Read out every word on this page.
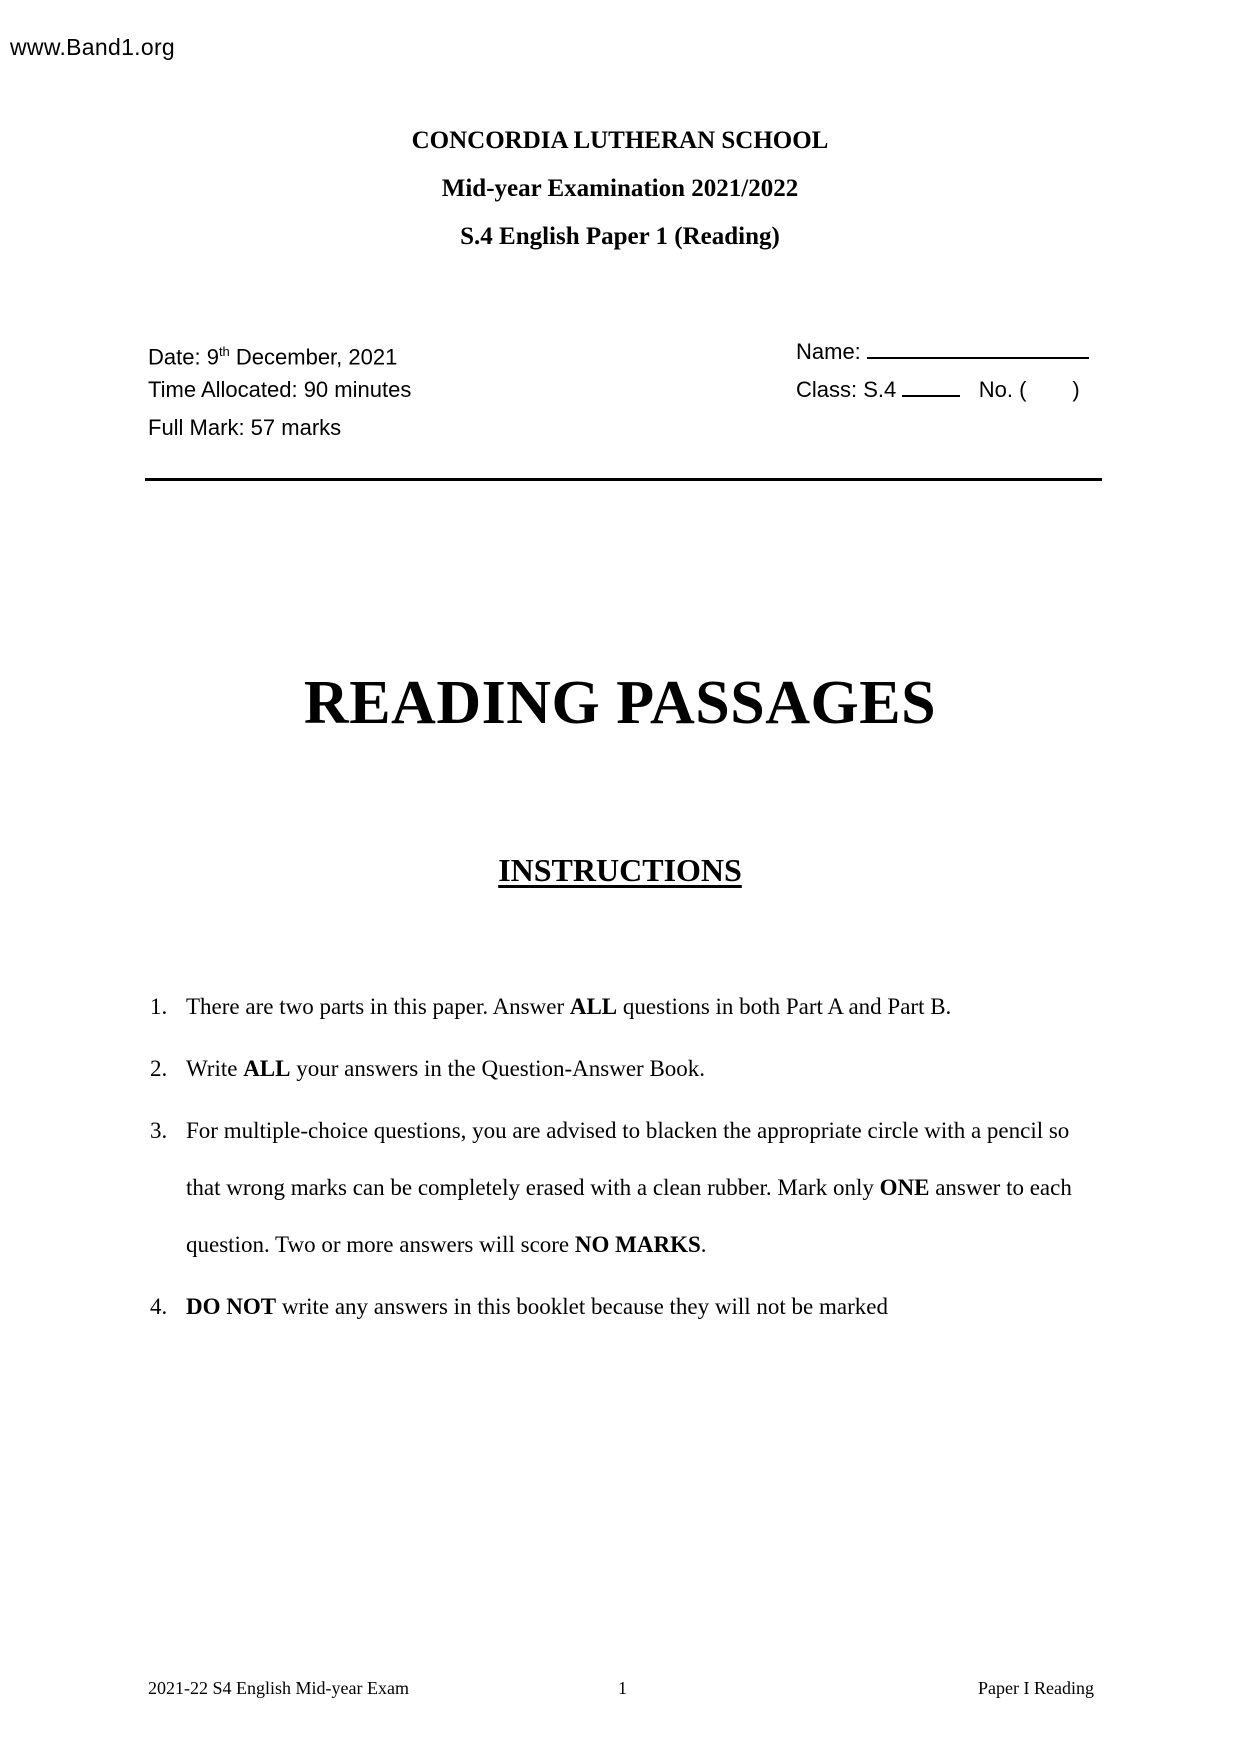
www.Band1.org
CONCORDIA LUTHERAN SCHOOL
Mid-year Examination 2021/2022
S.4 English Paper 1 (Reading)
Date: 9th December, 2021
Time Allocated: 90 minutes
Full Mark: 57 marks
Name:
Class: S.4	No. ( )
READING PASSAGES
INSTRUCTIONS
1. There are two parts in this paper. Answer ALL questions in both Part A and Part B.
2. Write ALL your answers in the Question-Answer Book.
3. For multiple-choice questions, you are advised to blacken the appropriate circle with a pencil so that wrong marks can be completely erased with a clean rubber. Mark only ONE answer to each question. Two or more answers will score NO MARKS.
4. DO NOT write any answers in this booklet because they will not be marked
2021-22 S4 English Mid-year Exam	1	Paper I Reading
